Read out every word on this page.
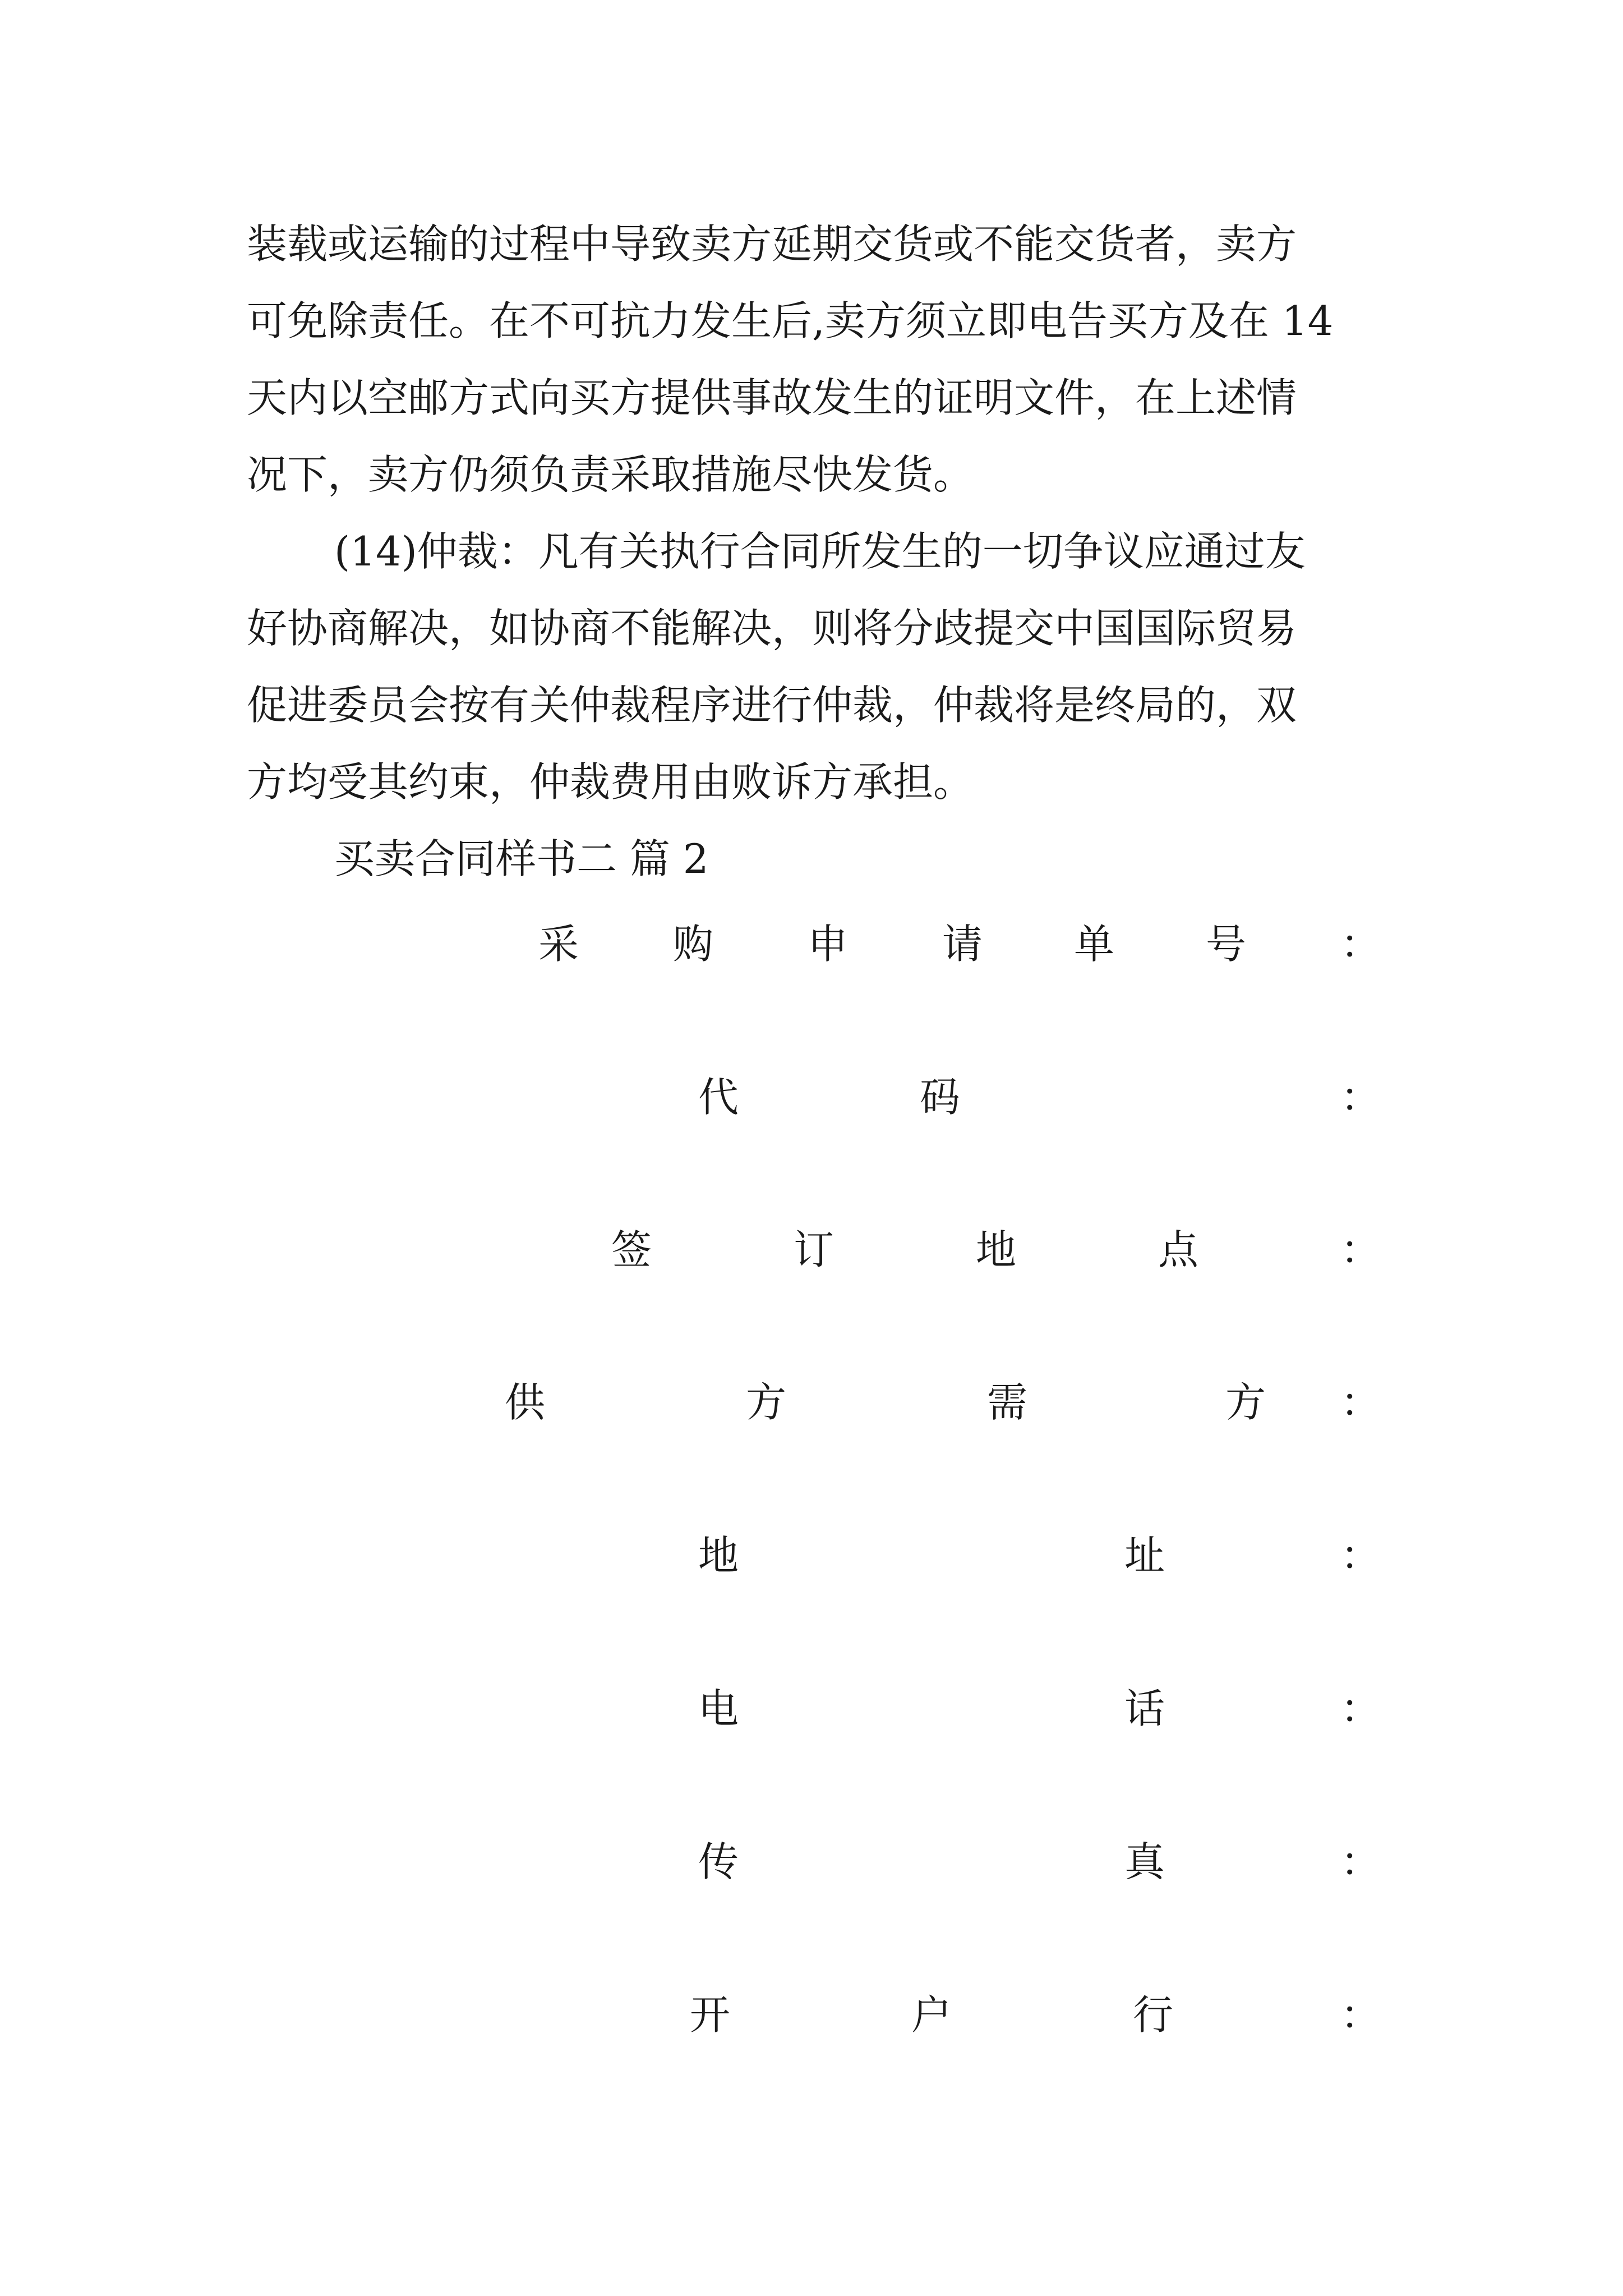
装载或运输的过程中导致卖方延期交货或不能交货者，卖方
可免除责任。在不可抗力发生后,卖方须立即电告买方及在 14
天内以空邮方式向买方提供事故发生的证明文件，在上述情
况下，卖方仍须负责采取措施尽快发货。
(14)仲裁：凡有关执行合同所发生的一切争议应通过友
好协商解决，如协商不能解决，则将分歧提交中国国际贸易
促进委员会按有关仲裁程序进行仲裁，仲裁将是终局的，双
方均受其约束，仲裁费用由败诉方承担。
买卖合同样书二 篇 2
采 购 申 请 单 号 ：
代	码	：
签	订	地	点	：
供	方	需	方 ：
地	址	：
电	话	：
传	真	：
开	户	行	：
